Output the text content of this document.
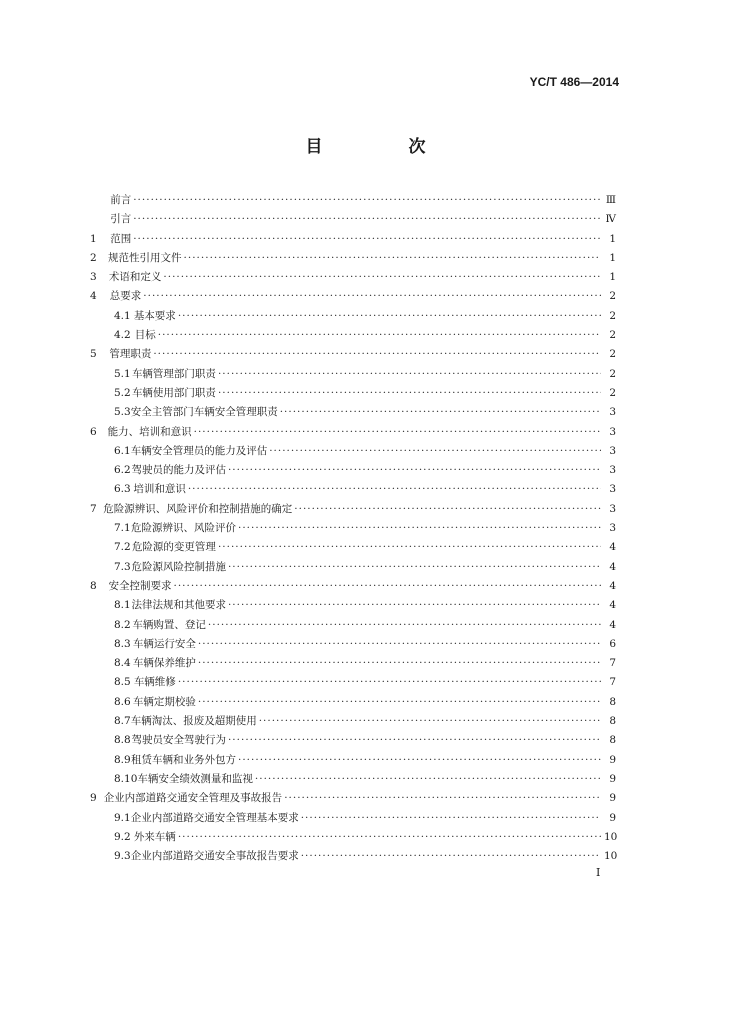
YC/T 486—2014
目 次
前言 ·····	Ⅲ
引言 ·····	Ⅳ
1	范围 ·····	1
2	规范性引用文件 ·····	1
3	术语和定义 ·····	1
4	总要求 ·····	2
4.1 基本要求 ·····	2
4.2 目标 ·····	2
5	管理职责 ·····	2
5.1 车辆管理部门职责 ·····	2
5.2 车辆使用部门职责 ·····	2
5.3 安全主管部门车辆安全管理职责 ·····	3
6	能力、培训和意识 ·····	3
6.1 车辆安全管理员的能力及评估 ·····	3
6.2 驾驶员的能力及评估 ·····	3
6.3 培训和意识 ·····	3
7 危险源辨识、风险评价和控制措施的确定 ·····	3
7.1 危险源辨识、风险评价 ·····	3
7.2 危险源的变更管理 ·····	4
7.3 危险源风险控制措施 ·····	4
8	安全控制要求 ·····	4
8.1 法律法规和其他要求 ·····	4
8.2 车辆购置、登记 ·····	4
8.3 车辆运行安全 ·····	6
8.4 车辆保养维护 ·····	7
8.5 车辆维修 ·····	7
8.6 车辆定期校验 ·····	8
8.7 车辆淘汰、报废及超期使用 ·····	8
8.8 驾驶员安全驾驶行为 ·····	8
8.9 租赁车辆和业务外包方 ·····	9
8.10 车辆安全绩效测量和监视 ·····	9
9 企业内部道路交通安全管理及事故报告 ·····	9
9.1 企业内部道路交通安全管理基本要求 ·····	9
9.2 外来车辆 ·····	10
9.3 企业内部道路交通安全事故报告要求 ·····	10
I
